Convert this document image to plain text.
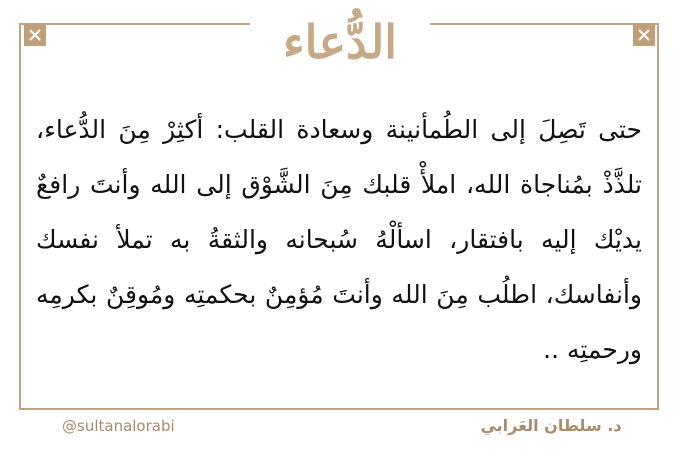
الدُّعاء

حتى تَصِلَ إلى الطُمأنينة وسعادة القلب: أكثِرْ مِنَ الدُّعاء، تلذَّذْ بمُناجاة الله، املأْ قلبك مِنَ الشَّوْق إلى الله وأنتَ رافعٌ يديْك إليه بافتقار، اسألْهُ سُبحانه والثقةُ به تملأ نفسك وأنفاسك، اطلُب مِنَ الله وأنتَ مُؤمِنٌ بحكمتِه ومُوقِنٌ بكرمِه ورحمتِه ..

@sultanalorabi	د. سلطان العَرابي
